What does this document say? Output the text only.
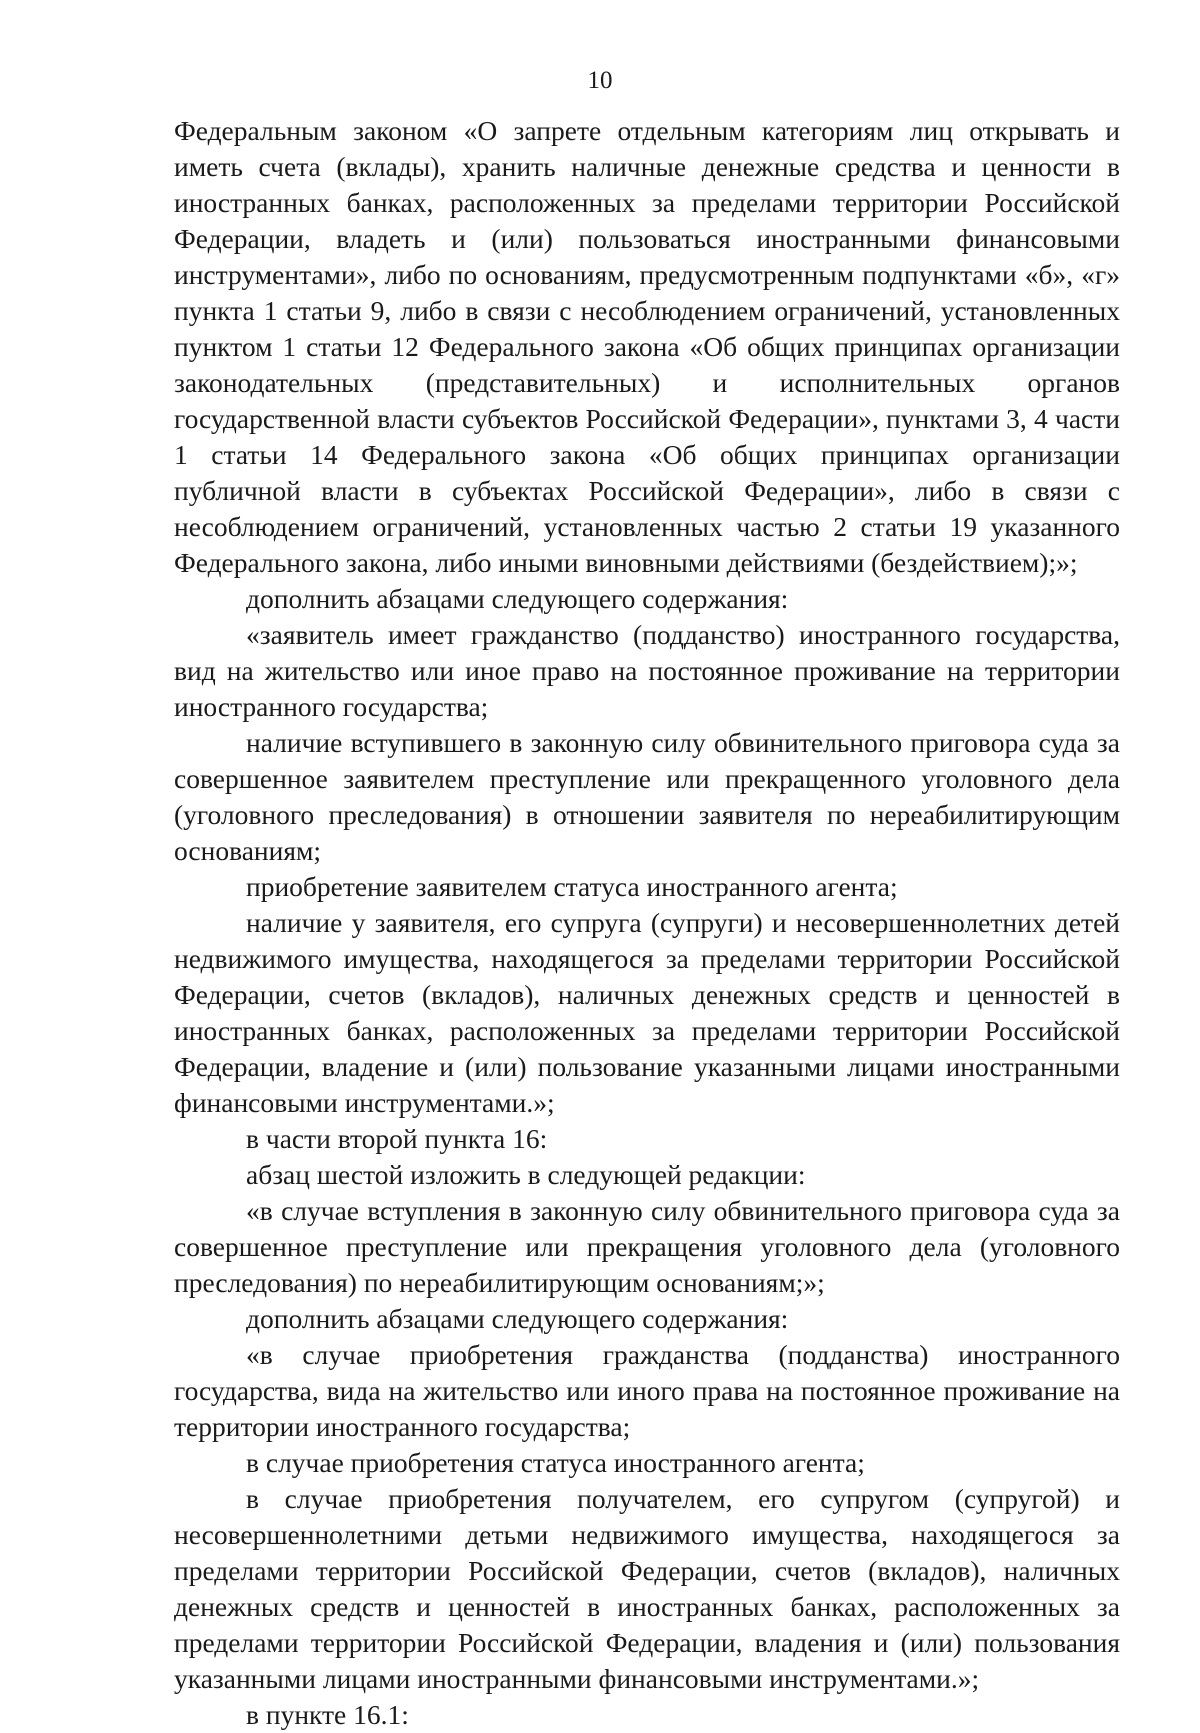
10

Федеральным законом «О запрете отдельным категориям лиц открывать и иметь счета (вклады), хранить наличные денежные средства и ценности в иностранных банках, расположенных за пределами территории Российской Федерации, владеть и (или) пользоваться иностранными финансовыми инструментами», либо по основаниям, предусмотренным подпунктами «б», «г» пункта 1 статьи 9, либо в связи с несоблюдением ограничений, установленных пунктом 1 статьи 12 Федерального закона «Об общих принципах организации законодательных (представительных) и исполнительных органов государственной власти субъектов Российской Федерации», пунктами 3, 4 части 1 статьи 14 Федерального закона «Об общих принципах организации публичной власти в субъектах Российской Федерации», либо в связи с несоблюдением ограничений, установленных частью 2 статьи 19 указанного Федерального закона, либо иными виновными действиями (бездействием);»;

дополнить абзацами следующего содержания:

«заявитель имеет гражданство (подданство) иностранного государства, вид на жительство или иное право на постоянное проживание на территории иностранного государства;

наличие вступившего в законную силу обвинительного приговора суда за совершенное заявителем преступление или прекращенного уголовного дела (уголовного преследования) в отношении заявителя по нереабилитирующим основаниям;

приобретение заявителем статуса иностранного агента;

наличие у заявителя, его супруга (супруги) и несовершеннолетних детей недвижимого имущества, находящегося за пределами территории Российской Федерации, счетов (вкладов), наличных денежных средств и ценностей в иностранных банках, расположенных за пределами территории Российской Федерации, владение и (или) пользование указанными лицами иностранными финансовыми инструментами.»;

в части второй пункта 16:

абзац шестой изложить в следующей редакции:

«в случае вступления в законную силу обвинительного приговора суда за совершенное преступление или прекращения уголовного дела (уголовного преследования) по нереабилитирующим основаниям;»;

дополнить абзацами следующего содержания:

«в случае приобретения гражданства (подданства) иностранного государства, вида на жительство или иного права на постоянное проживание на территории иностранного государства;

в случае приобретения статуса иностранного агента;

в случае приобретения получателем, его супругом (супругой) и несовершеннолетними детьми недвижимого имущества, находящегося за пределами территории Российской Федерации, счетов (вкладов), наличных денежных средств и ценностей в иностранных банках, расположенных за пределами территории Российской Федерации, владения и (или) пользования указанными лицами иностранными финансовыми инструментами.»;

в пункте 16.1:
